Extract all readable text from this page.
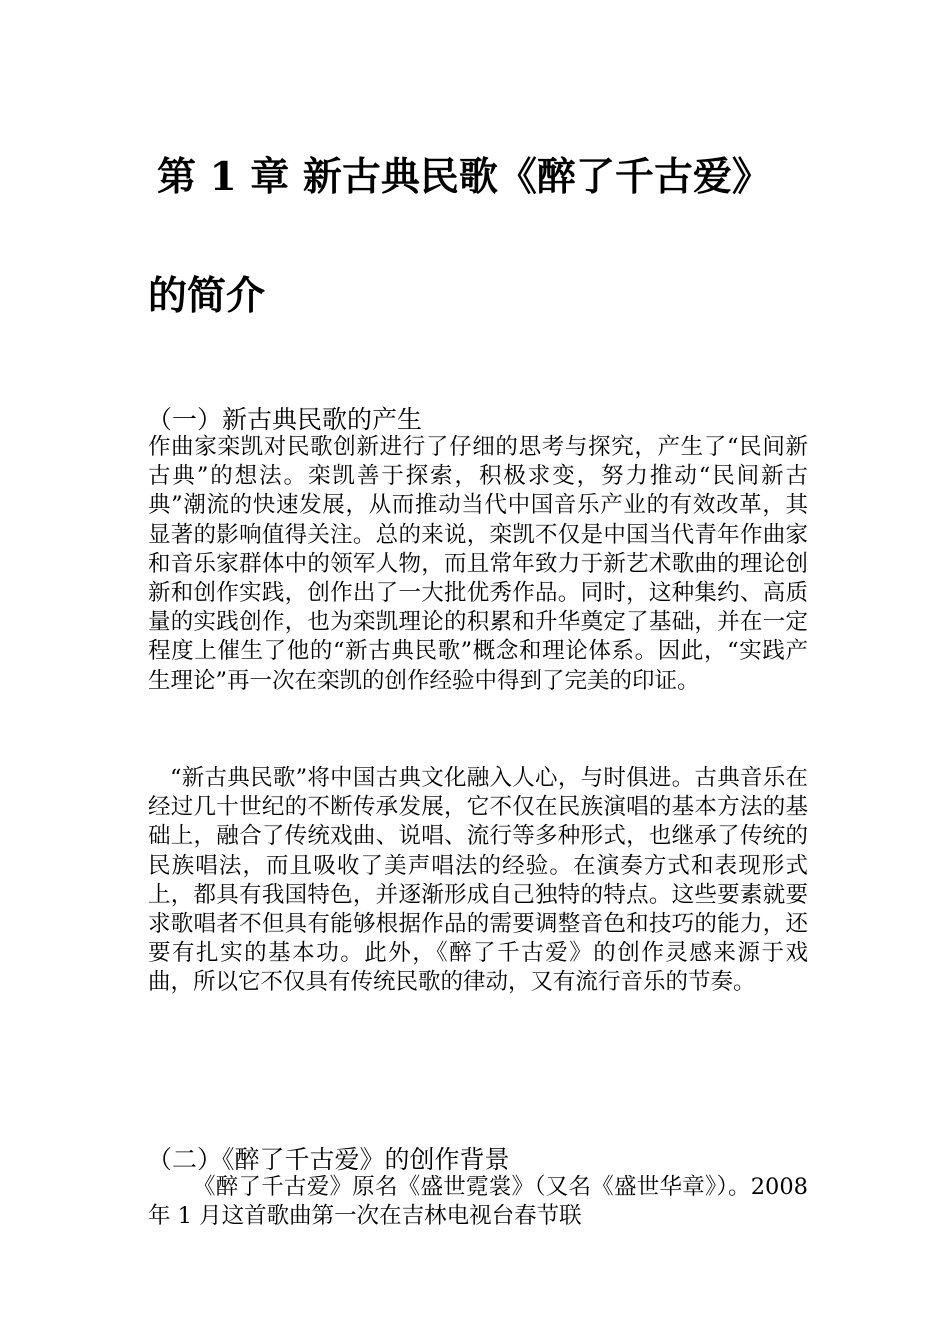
第 1 章 新古典民歌《醉了千古爱》
的简介
（一）新古典民歌的产生

作曲家栾凯对民歌创新进行了仔细的思考与探究，产生了“民间新古典”的想法。栾凯善于探索，积极求变，努力推动“民间新古典”潮流的快速发展，从而推动当代中国音乐产业的有效改革，其显著的影响值得关注。总的来说，栾凯不仅是中国当代青年作曲家和音乐家群体中的领军人物，而且常年致力于新艺术歌曲的理论创新和创作实践，创作出了一大批优秀作品。同时，这种集约、高质量的实践创作，也为栾凯理论的积累和升华奠定了基础，并在一定程度上催生了他的“新古典民歌”概念和理论体系。因此，“实践产生理论”再一次在栾凯的创作经验中得到了完美的印证。

“新古典民歌”将中国古典文化融入人心，与时俱进。古典音乐在经过几十世纪的不断传承发展，它不仅在民族演唱的基本方法的基础上，融合了传统戏曲、说唱、流行等多种形式，也继承了传统的民族唱法，而且吸收了美声唱法的经验。在演奏方式和表现形式上，都具有我国特色，并逐渐形成自己独特的特点。这些要素就要求歌唱者不但具有能够根据作品的需要调整音色和技巧的能力，还要有扎实的基本功。此外，《醉了千古爱》的创作灵感来源于戏曲，所以它不仅具有传统民歌的律动，又有流行音乐的节奏。

（二）《醉了千古爱》的创作背景

《醉了千古爱》原名《盛世霓裳》（又名《盛世华章》）。2008 年 1 月这首歌曲第一次在吉林电视台春节联
